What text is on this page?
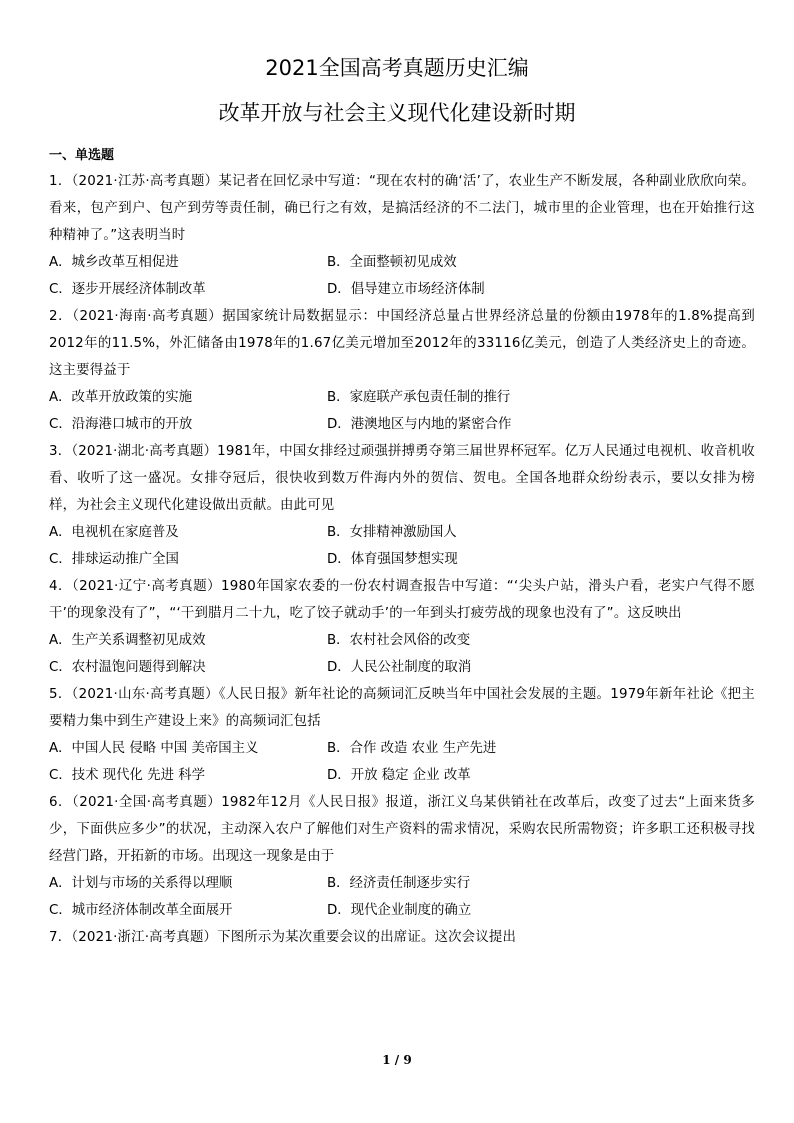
2021全国高考真题历史汇编
改革开放与社会主义现代化建设新时期
一、单选题

1．（2021·江苏·高考真题）某记者在回忆录中写道：“现在农村的确‘活’了，农业生产不断发展，各种副业欣欣向荣。看来，包产到户、包产到劳等责任制，确已行之有效，是搞活经济的不二法门，城市里的企业管理，也在开始推行这种精神了。”这表明当时

A．城乡改革互相促进	B．全面整顿初见成效
C．逐步开展经济体制改革	D．倡导建立市场经济体制

2．（2021·海南·高考真题）据国家统计局数据显示：中国经济总量占世界经济总量的份额由1978年的1.8%提高到2012年的11.5%，外汇储备由1978年的1.67亿美元增加至2012年的33116亿美元，创造了人类经济史上的奇迹。这主要得益于

A．改革开放政策的实施	B．家庭联产承包责任制的推行
C．沿海港口城市的开放	D．港澳地区与内地的紧密合作

3．（2021·湖北·高考真题）1981年，中国女排经过顽强拼搏勇夺第三届世界杯冠军。亿万人民通过电视机、收音机收看、收听了这一盛况。女排夺冠后，很快收到数万件海内外的贺信、贺电。全国各地群众纷纷表示，要以女排为榜样，为社会主义现代化建设做出贡献。由此可见

A．电视机在家庭普及	B．女排精神激励国人
C．排球运动推广全国	D．体育强国梦想实现

4．（2021·辽宁·高考真题）1980年国家农委的一份农村调查报告中写道：“‘尖头户站，滑头户看，老实户气得不愿干’的现象没有了”，“‘干到腊月二十九，吃了饺子就动手’的一年到头打疲劳战的现象也没有了”。这反映出

A．生产关系调整初见成效	B．农村社会风俗的改变
C．农村温饱问题得到解决	D．人民公社制度的取消

5．（2021·山东·高考真题）《人民日报》新年社论的高频词汇反映当年中国社会发展的主题。1979年新年社论《把主要精力集中到生产建设上来》的高频词汇包括

A．中国人民 侵略 中国 美帝国主义	B．合作 改造 农业 生产先进
C．技术 现代化 先进 科学	D．开放 稳定 企业 改革

6．（2021·全国·高考真题）1982年12月《人民日报》报道，浙江义乌某供销社在改革后，改变了过去“上面来货多少，下面供应多少”的状况，主动深入农户了解他们对生产资料的需求情况，采购农民所需物资；许多职工还积极寻找经营门路，开拓新的市场。出现这一现象是由于

A．计划与市场的关系得以理顺	B．经济责任制逐步实行
C．城市经济体制改革全面展开	D．现代企业制度的确立

7．（2021·浙江·高考真题）下图所示为某次重要会议的出席证。这次会议提出

1 / 9
